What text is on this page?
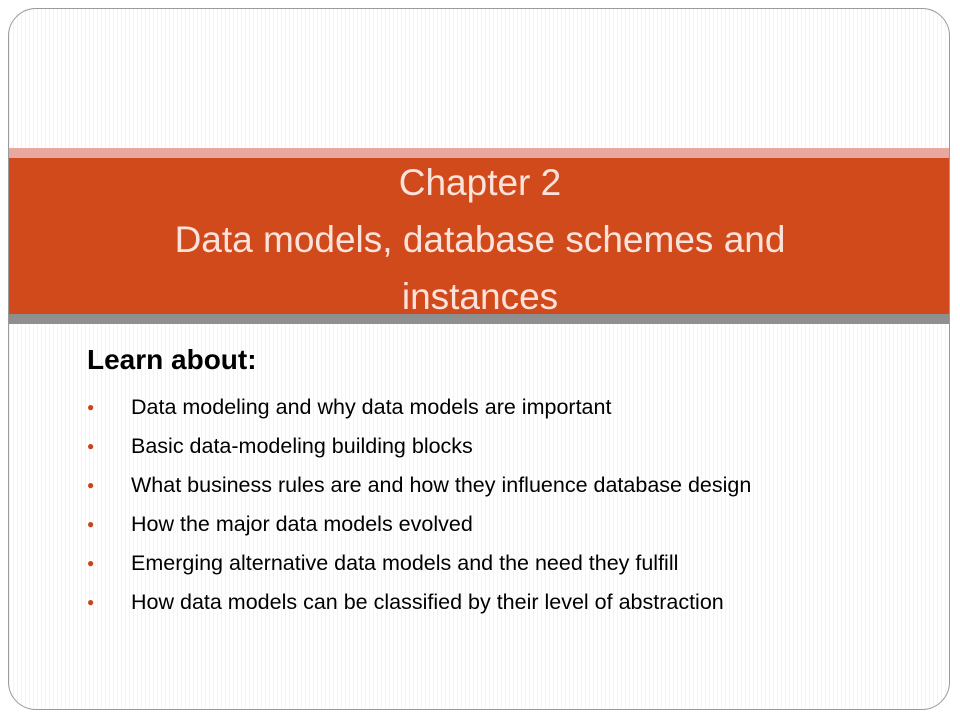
Chapter 2
Data models, database schemes and
instances
Learn about:
● Data modeling and why data models are important
● Basic data-modeling building blocks
● What business rules are and how they influence database design
● How the major data models evolved
● Emerging alternative data models and the need they fulfill
● How data models can be classified by their level of abstraction
